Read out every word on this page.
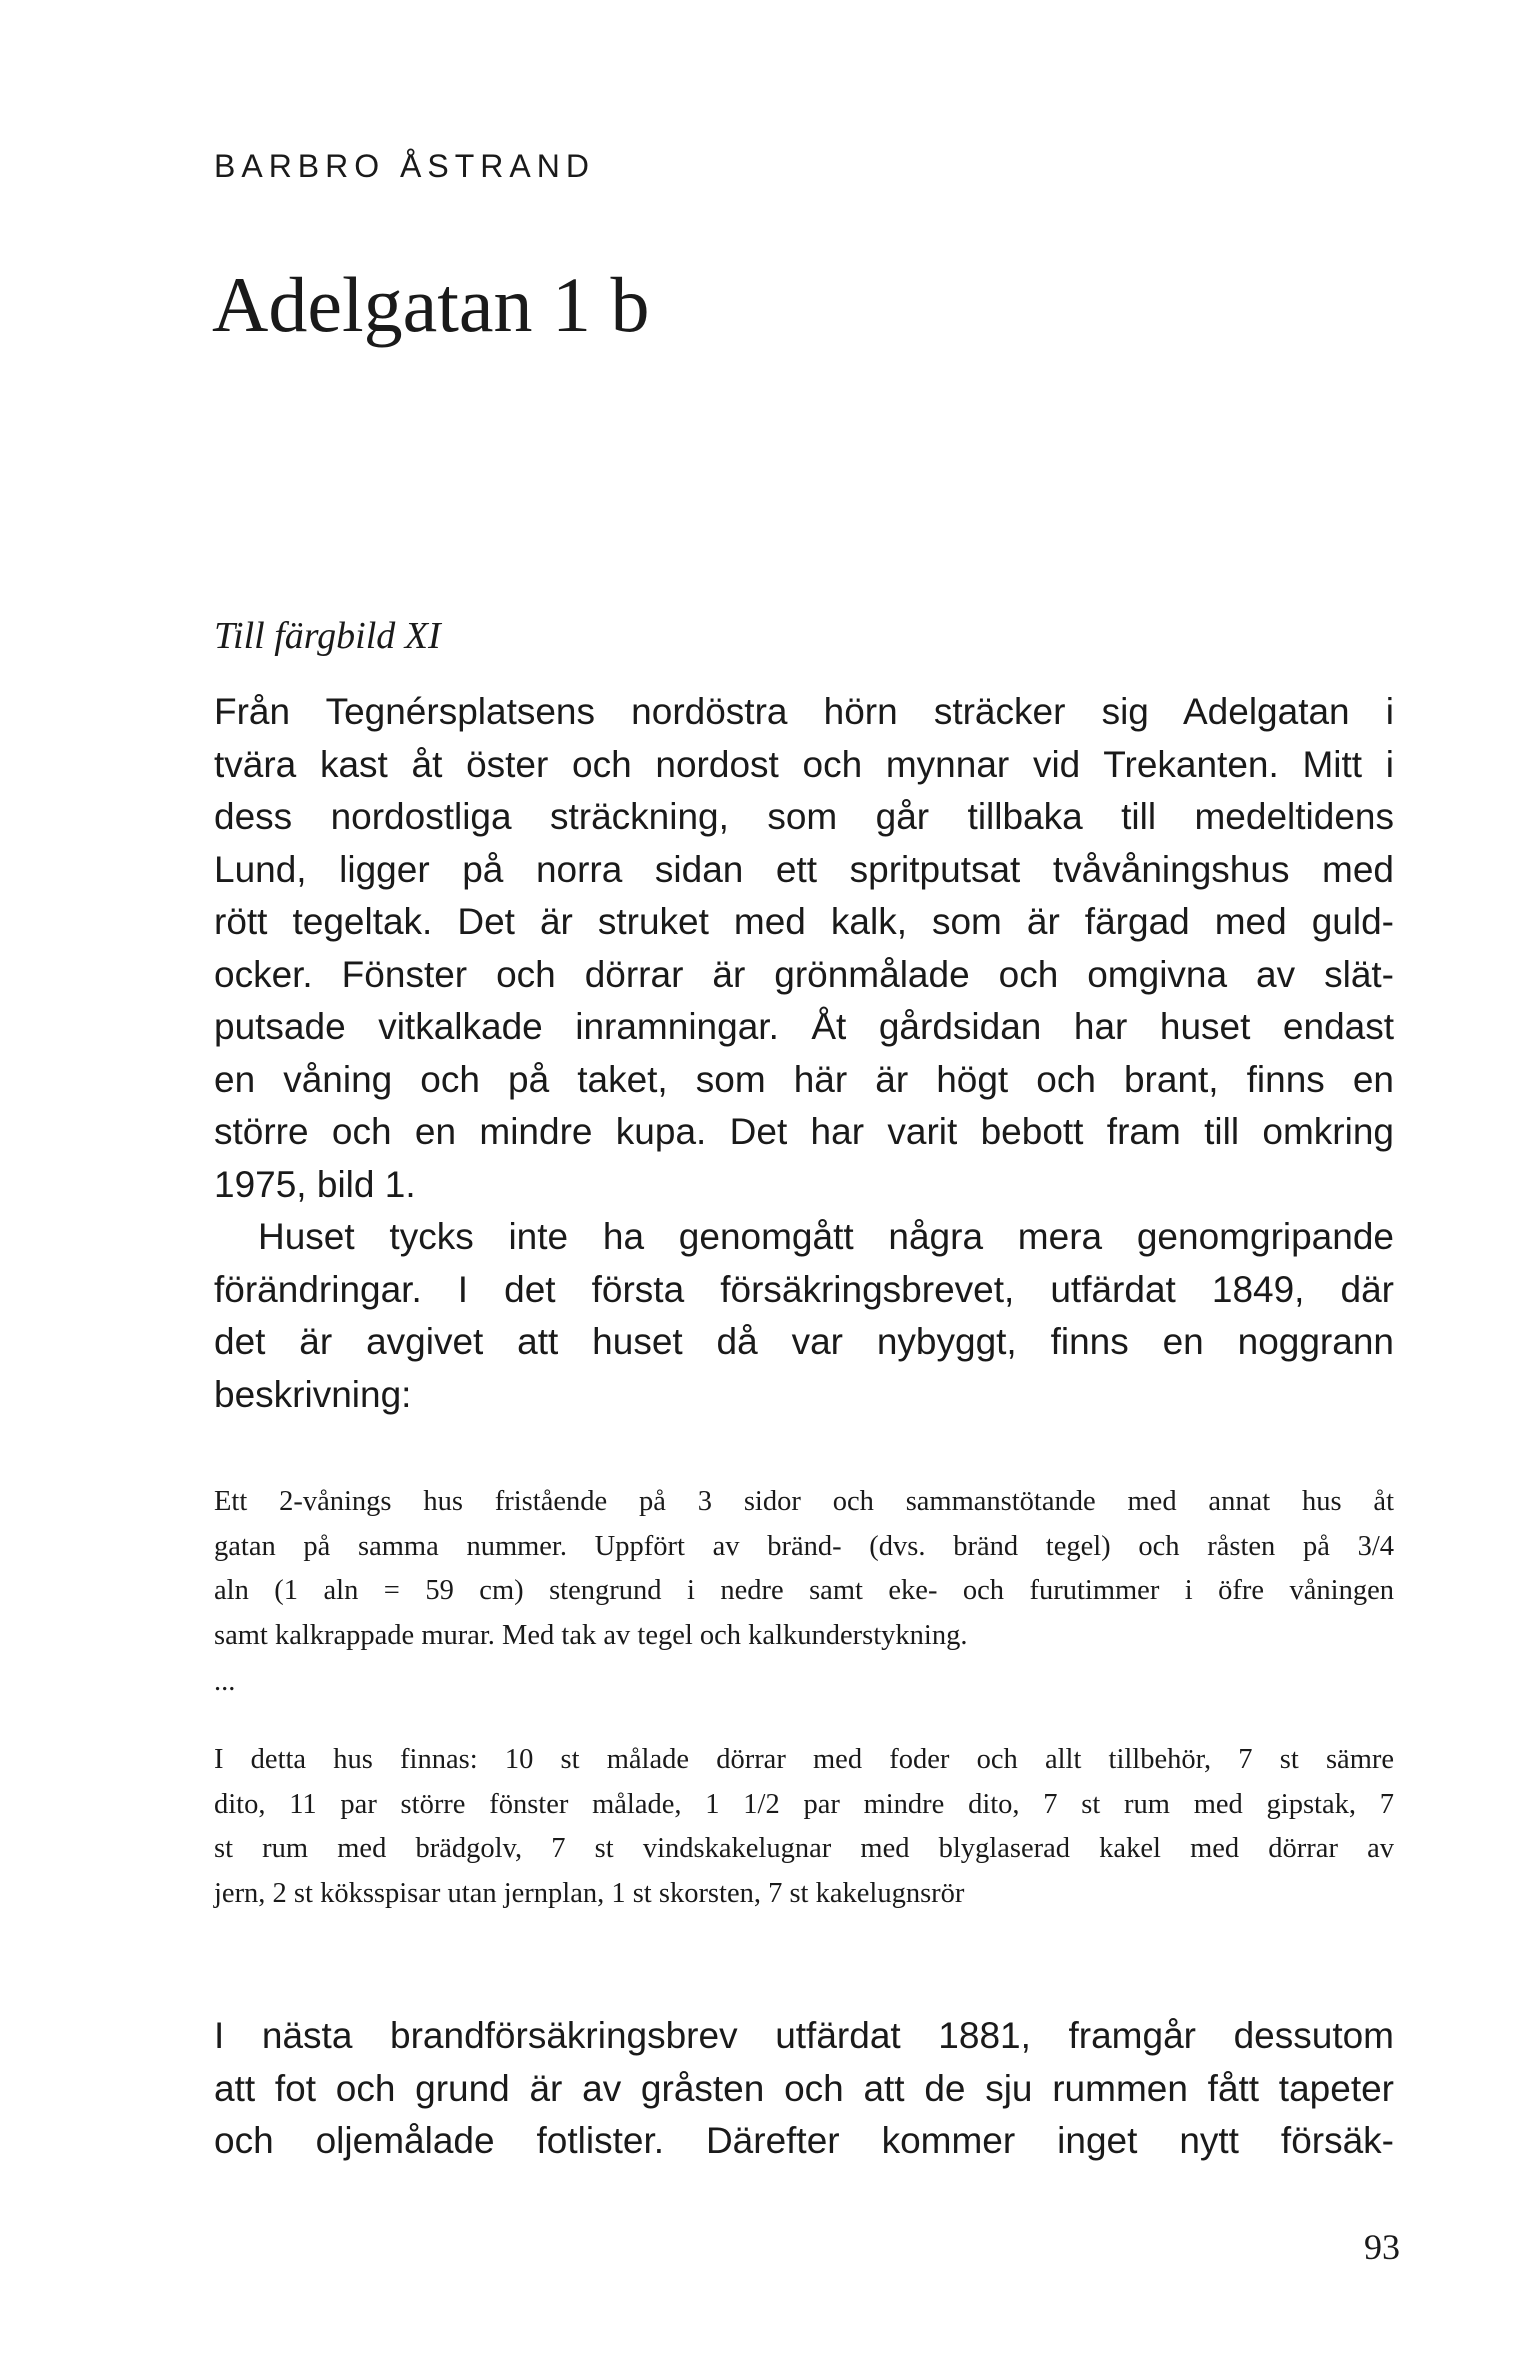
BARBRO ÅSTRAND
Adelgatan 1 b
Till färgbild XI
Från Tegnérsplatsens nordöstra hörn sträcker sig Adelgatan i
tvära kast åt öster och nordost och mynnar vid Trekanten. Mitt i
dess nordostliga sträckning, som går tillbaka till medeltidens
Lund, ligger på norra sidan ett spritputsat tvåvåningshus med
rött tegeltak. Det är struket med kalk, som är färgad med guld-
ocker. Fönster och dörrar är grönmålade och omgivna av slät-
putsade vitkalkade inramningar. Åt gårdsidan har huset endast
en våning och på taket, som här är högt och brant, finns en
större och en mindre kupa. Det har varit bebott fram till omkring
1975, bild 1.
Huset tycks inte ha genomgått några mera genomgripande
förändringar. I det första försäkringsbrevet, utfärdat 1849, där
det är avgivet att huset då var nybyggt, finns en noggrann
beskrivning:
Ett 2-vånings hus fristående på 3 sidor och sammanstötande med annat hus åt
gatan på samma nummer. Uppfört av bränd- (dvs. bränd tegel) och råsten på 3/4
aln (1 aln = 59 cm) stengrund i nedre samt eke- och furutimmer i öfre våningen
samt kalkrappade murar. Med tak av tegel och kalkunderstykning.
...
I detta hus finnas: 10 st målade dörrar med foder och allt tillbehör, 7 st sämre
dito, 11 par större fönster målade, 1 1/2 par mindre dito, 7 st rum med gipstak, 7
st rum med brädgolv, 7 st vindskakelugnar med blyglaserad kakel med dörrar av
jern, 2 st köksspisar utan jernplan, 1 st skorsten, 7 st kakelugnsrör
I nästa brandförsäkringsbrev utfärdat 1881, framgår dessutom
att fot och grund är av gråsten och att de sju rummen fått tapeter
och oljemålade fotlister. Därefter kommer inget nytt försäk-
93
